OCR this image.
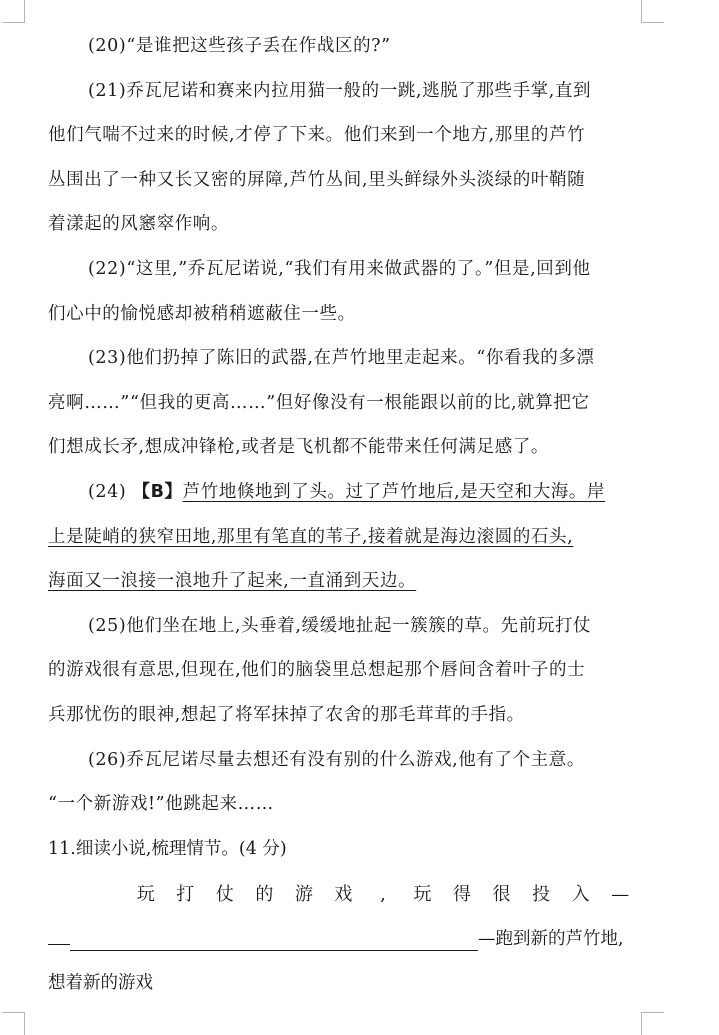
(20)“是谁把这些孩子丢在作战区的?”
(21)乔瓦尼诺和赛来内拉用猫一般的一跳,逃脱了那些手掌,直到
他们气喘不过来的时候,才停了下来。他们来到一个地方,那里的芦竹
丛围出了一种又长又密的屏障,芦竹丛间,里头鲜绿外头淡绿的叶鞘随
着漾起的风窸窣作响。
(22)“这里,”乔瓦尼诺说,“我们有用来做武器的了。”但是,回到他
们心中的愉悦感却被稍稍遮蔽住一些。
(23)他们扔掉了陈旧的武器,在芦竹地里走起来。“你看我的多漂
亮啊……”“但我的更高……”但好像没有一根能跟以前的比,就算把它
们想成长矛,想成冲锋枪,或者是飞机都不能带来任何满足感了。
(24) 【B】芦竹地倏地到了头。过了芦竹地后,是天空和大海。岸
上是陡峭的狭窄田地,那里有笔直的苇子,接着就是海边滚圆的石头,
海面又一浪接一浪地升了起来,一直涌到天边。
(25)他们坐在地上,头垂着,缓缓地扯起一簇簇的草。先前玩打仗
的游戏很有意思,但现在,他们的脑袋里总想起那个唇间含着叶子的士
兵那忧伤的眼神,想起了将军抹掉了农舍的那毛茸茸的手指。
(26)乔瓦尼诺尽量去想还有没有别的什么游戏,他有了个主意。
“一个新游戏!”他跳起来……
11.细读小说,梳理情节。(4 分)
玩	打	仗	的	游	戏	,	玩	得	很	投	入	—
—跑到新的芦竹地,
想着新的游戏
